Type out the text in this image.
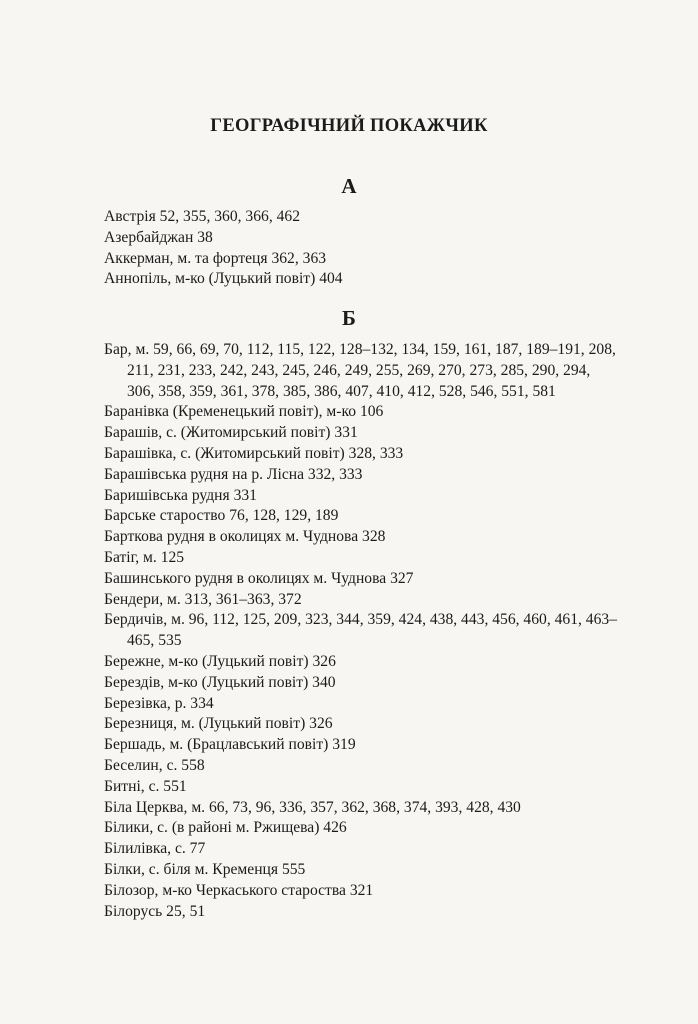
ГЕОГРАФІЧНИЙ ПОКАЖЧИК
А
Австрія 52, 355, 360, 366, 462
Азербайджан 38
Аккерман, м. та фортеця 362, 363
Аннопіль, м-ко (Луцький повіт) 404
Б
Бар, м. 59, 66, 69, 70, 112, 115, 122, 128–132, 134, 159, 161, 187, 189–191, 208, 211, 231, 233, 242, 243, 245, 246, 249, 255, 269, 270, 273, 285, 290, 294, 306, 358, 359, 361, 378, 385, 386, 407, 410, 412, 528, 546, 551, 581
Баранівка (Кременецький повіт), м-ко 106
Барашів, с. (Житомирський повіт) 331
Барашівка, с. (Житомирський повіт) 328, 333
Барашівська рудня на р. Лісна 332, 333
Баришівська рудня 331
Барське староство 76, 128, 129, 189
Барткова рудня в околицях м. Чуднова 328
Батіг, м. 125
Башинського рудня в околицях м. Чуднова 327
Бендери, м. 313, 361–363, 372
Бердичів, м. 96, 112, 125, 209, 323, 344, 359, 424, 438, 443, 456, 460, 461, 463–465, 535
Бережне, м-ко (Луцький повіт) 326
Берездів, м-ко (Луцький повіт) 340
Березівка, р. 334
Березниця, м. (Луцький повіт) 326
Бершадь, м. (Брацлавський повіт) 319
Беселин, с. 558
Битні, с. 551
Біла Церква, м. 66, 73, 96, 336, 357, 362, 368, 374, 393, 428, 430
Білики, с. (в районі м. Ржищева) 426
Білилівка, с. 77
Білки, с. біля м. Кременця 555
Білозор, м-ко Черкаського староства 321
Білорусь 25, 51
